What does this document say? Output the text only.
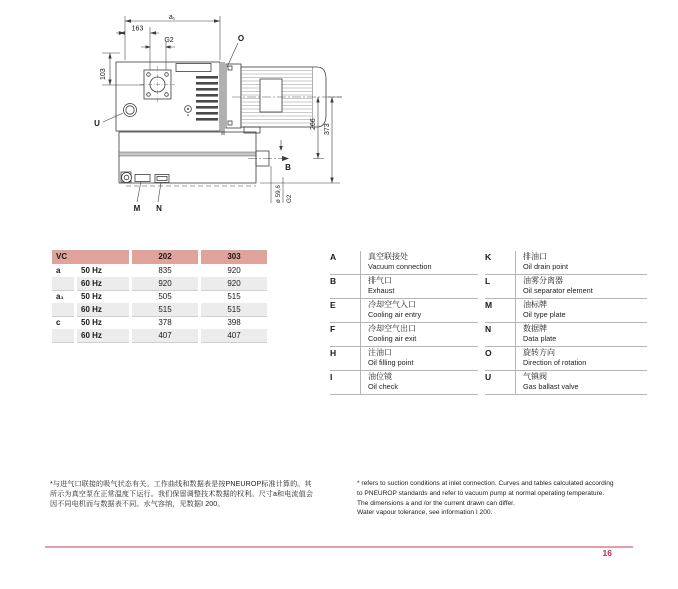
a₁
163
G2	O
103
U	266 373
B
ø 59,6 G2
M N
VC	202	303
a	50 Hz	835	920
60 Hz	920	920
a₁	50 Hz	505	515
60 Hz	515	515
c	50 Hz	378	398
60 Hz	407	407
A	真空联接处
Vacuum connection
B	排气口
Exhaust
E	冷却空气入口
Cooling air entry
F	冷却空气出口
Cooling air exit
H	注油口
Oil filling point
I	油位镜
Oil check
K	排油口
Oil drain point
L	油雾分离器
Oil separator element
M	油标牌
Oil type plate
N	数据牌
Data plate
O	旋转方向
Direction of rotation
U	气镇阀
Gas ballast valve
*与进气口联接的吸气状态有关。工作曲线和数据表是按PNEUROP标准计算的。其
所示为真空泵在正常温度下运行。我们保留调整技术数据的权利。尺寸a和电流值会
因不同电机而与数据表不同。水气容纳，见数据I 200。
* refers to suction conditions at inlet connection. Curves and tables calculated according
to PNEUROP standards and refer to vacuum pump at normal operating temperature.
The dimensions a and /or the current drawn can differ.
Water vapour tolerance, see information I 200.
16
